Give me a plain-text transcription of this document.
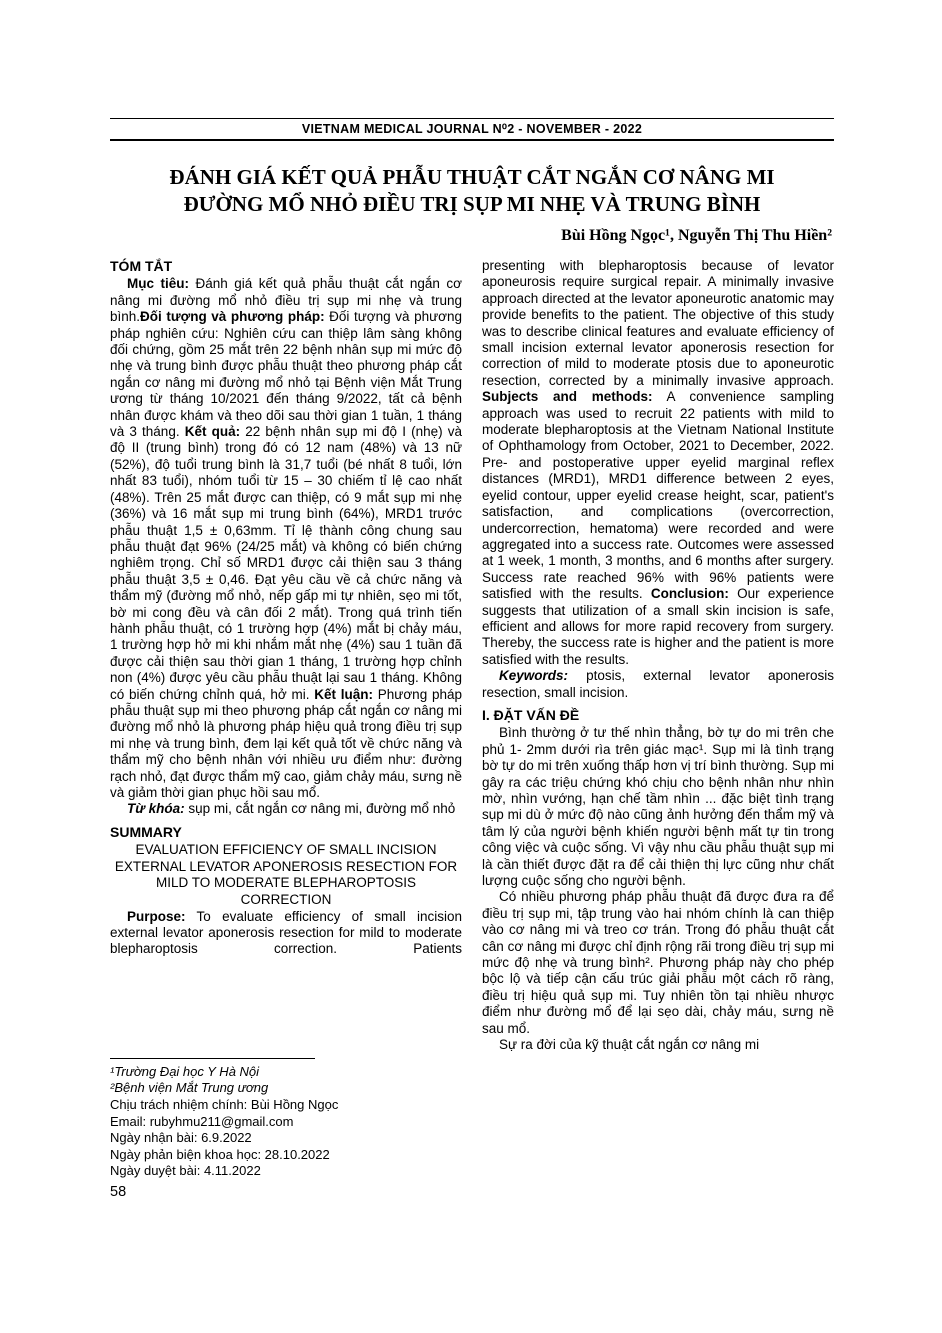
VIETNAM MEDICAL JOURNAL N⁰2 - NOVEMBER - 2022
ĐÁNH GIÁ KẾT QUẢ PHẪU THUẬT CẮT NGẮN CƠ NÂNG MI
ĐƯỜNG MỔ NHỎ ĐIỀU TRỊ SỤP MI NHẸ VÀ TRUNG BÌNH
Bùi Hồng Ngọc¹, Nguyễn Thị Thu Hiền²
TÓM TẮT

Mục tiêu: Đánh giá kết quả phẫu thuật cắt ngắn cơ nâng mi đường mổ nhỏ điều trị sụp mi nhẹ và trung bình.Đối tượng và phương pháp: Đối tượng và phương pháp nghiên cứu: Nghiên cứu can thiệp lâm sàng không đối chứng, gồm 25 mắt trên 22 bệnh nhân sụp mi mức độ nhẹ và trung bình được phẫu thuật theo phương pháp cắt ngắn cơ nâng mi đường mổ nhỏ tại Bệnh viện Mắt Trung ương từ tháng 10/2021 đến tháng 9/2022, tất cả bệnh nhân được khám và theo dõi sau thời gian 1 tuần, 1 tháng và 3 tháng. Kết quả: 22 bệnh nhân sụp mi độ I (nhẹ) và độ II (trung bình) trong đó có 12 nam (48%) và 13 nữ (52%), độ tuổi trung bình là 31,7 tuổi (bé nhất 8 tuổi, lớn nhất 83 tuổi), nhóm tuổi từ 15 – 30 chiếm tỉ lệ cao nhất (48%). Trên 25 mắt được can thiệp, có 9 mắt sụp mi nhẹ (36%) và 16 mắt sụp mi trung bình (64%), MRD1 trước phẫu thuật 1,5 ± 0,63mm. Tỉ lệ thành công chung sau phẫu thuật đạt 96% (24/25 mắt) và không có biến chứng nghiêm trọng. Chỉ số MRD1 được cải thiện sau 3 tháng phẫu thuật 3,5 ± 0,46. Đạt yêu cầu về cả chức năng và thẩm mỹ (đường mổ nhỏ, nếp gấp mi tự nhiên, sẹo mi tốt, bờ mi cong đều và cân đối 2 mắt). Trong quá trình tiến hành phẫu thuật, có 1 trường hợp (4%) mắt bị chảy máu, 1 trường hợp hở mi khi nhắm mắt nhẹ (4%) sau 1 tuần đã được cải thiện sau thời gian 1 tháng, 1 trường hợp chỉnh non (4%) được yêu cầu phẫu thuật lại sau 1 tháng. Không có biến chứng chỉnh quá, hở mi. Kết luận: Phương pháp phẫu thuật sụp mi theo phương pháp cắt ngắn cơ nâng mi đường mổ nhỏ là phương pháp hiệu quả trong điều trị sụp mi nhẹ và trung bình, đem lại kết quả tốt về chức năng và thẩm mỹ cho bệnh nhân với nhiều ưu điểm như: đường rạch nhỏ, đạt được thẩm mỹ cao, giảm chảy máu, sưng nề và giảm thời gian phục hồi sau mổ.

Từ khóa: sụp mi, cắt ngắn cơ nâng mi, đường mổ nhỏ

SUMMARY
EVALUATION EFFICIENCY OF SMALL INCISION EXTERNAL LEVATOR APONEROSIS RESECTION FOR MILD TO MODERATE BLEPHAROPTOSIS CORRECTION

Purpose: To evaluate efficiency of small incision external levator aponerosis resection for mild to moderate blepharoptosis correction. Patients

¹Trường Đại học Y Hà Nội
²Bệnh viện Mắt Trung ương
Chịu trách nhiệm chính: Bùi Hồng Ngọc
Email: rubyhmu211@gmail.com
Ngày nhận bài: 6.9.2022
Ngày phản biện khoa học: 28.10.2022
Ngày duyệt bài: 4.11.2022

presenting with blepharoptosis because of levator aponeurosis require surgical repair. A minimally invasive approach directed at the levator aponeurotic anatomic may provide benefits to the patient. The objective of this study was to describe clinical features and evaluate efficiency of small incision external levator aponerosis resection for correction of mild to moderate ptosis due to aponeurotic resection, corrected by a minimally invasive approach. Subjects and methods: A convenience sampling approach was used to recruit 22 patients with mild to moderate blepharoptosis at the Vietnam National Institute of Ophthamology from October, 2021 to December, 2022. Pre- and postoperative upper eyelid marginal reflex distances (MRD1), MRD1 difference between 2 eyes, eyelid contour, upper eyelid crease height, scar, patient's satisfaction, and complications (overcorrection, undercorrection, hematoma) were recorded and were aggregated into a success rate. Outcomes were assessed at 1 week, 1 month, 3 months, and 6 months after surgery. Success rate reached 96% with 96% patients were satisfied with the results. Conclusion: Our experience suggests that utilization of a small skin incision is safe, efficient and allows for more rapid recovery from surgery. Thereby, the success rate is higher and the patient is more satisfied with the results.

Keywords: ptosis, external levator aponerosis resection, small incision.

I. ĐẶT VẤN ĐỀ

Bình thường ở tư thế nhìn thẳng, bờ tự do mi trên che phủ 1- 2mm dưới rìa trên giác mạc¹. Sụp mi là tình trạng bờ tự do mi trên xuống thấp hơn vị trí bình thường. Sụp mi gây ra các triệu chứng khó chịu cho bệnh nhân như nhìn mờ, nhìn vướng, hạn chế tầm nhìn ... đặc biệt tình trạng sụp mi dù ở mức độ nào cũng ảnh hưởng đến thẩm mỹ và tâm lý của người bệnh khiến người bệnh mất tự tin trong công việc và cuộc sống. Vì vậy nhu cầu phẫu thuật sụp mi là cần thiết được đặt ra để cải thiện thị lực cũng như chất lượng cuộc sống cho người bệnh.

Có nhiều phương pháp phẫu thuật đã được đưa ra để điều trị sụp mi, tập trung vào hai nhóm chính là can thiệp vào cơ nâng mi và treo cơ trán. Trong đó phẫu thuật cắt cân cơ nâng mi được chỉ định rộng rãi trong điều trị sụp mi mức độ nhẹ và trung bình². Phương pháp này cho phép bộc lộ và tiếp cận cấu trúc giải phẫu một cách rõ ràng, điều trị hiệu quả sụp mi. Tuy nhiên tồn tại nhiều nhược điểm như đường mổ để lại sẹo dài, chảy máu, sưng nề sau mổ.

Sự ra đời của kỹ thuật cắt ngắn cơ nâng mi

58
